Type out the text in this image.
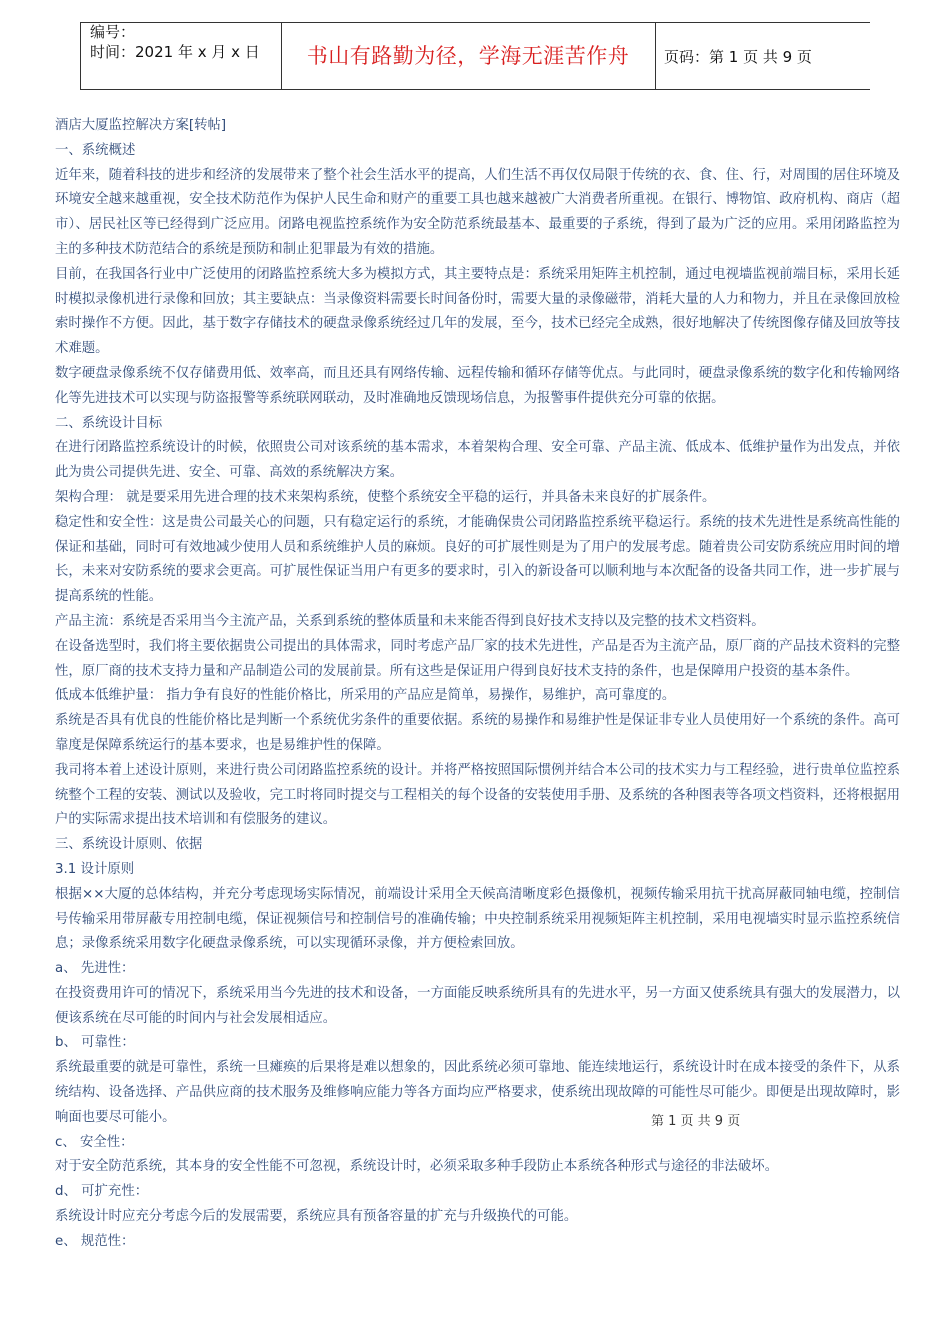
编号：
时间：2021 年 x 月 x 日	书山有路勤为径，学海无涯苦作舟	页码：第 1 页 共 9 页

酒店大厦监控解决方案[转帖]

一、系统概述

近年来，随着科技的进步和经济的发展带来了整个社会生活水平的提高，人们生活不再仅仅局限于传统的衣、食、住、行，对周围的居住环境及环境安全越来越重视，安全技术防范作为保护人民生命和财产的重要工具也越来越被广大消费者所重视。在银行、博物馆、政府机构、商店（超市）、居民社区等已经得到广泛应用。闭路电视监控系统作为安全防范系统最基本、最重要的子系统，得到了最为广泛的应用。采用闭路监控为主的多种技术防范结合的系统是预防和制止犯罪最为有效的措施。

目前，在我国各行业中广泛使用的闭路监控系统大多为模拟方式，其主要特点是：系统采用矩阵主机控制，通过电视墙监视前端目标，采用长延时模拟录像机进行录像和回放；其主要缺点：当录像资料需要长时间备份时，需要大量的录像磁带，消耗大量的人力和物力，并且在录像回放检索时操作不方便。因此，基于数字存储技术的硬盘录像系统经过几年的发展，至今，技术已经完全成熟，很好地解决了传统图像存储及回放等技术难题。

数字硬盘录像系统不仅存储费用低、效率高，而且还具有网络传输、远程传输和循环存储等优点。与此同时，硬盘录像系统的数字化和传输网络化等先进技术可以实现与防盗报警等系统联网联动，及时准确地反馈现场信息，为报警事件提供充分可靠的依据。

二、系统设计目标

在进行闭路监控系统设计的时候，依照贵公司对该系统的基本需求，本着架构合理、安全可靠、产品主流、低成本、低维护量作为出发点，并依此为贵公司提供先进、安全、可靠、高效的系统解决方案。

架构合理： 就是要采用先进合理的技术来架构系统，使整个系统安全平稳的运行，并具备未来良好的扩展条件。

稳定性和安全性：这是贵公司最关心的问题，只有稳定运行的系统，才能确保贵公司闭路监控系统平稳运行。系统的技术先进性是系统高性能的保证和基础，同时可有效地减少使用人员和系统维护人员的麻烦。良好的可扩展性则是为了用户的发展考虑。随着贵公司安防系统应用时间的增长，未来对安防系统的要求会更高。可扩展性保证当用户有更多的要求时，引入的新设备可以顺利地与本次配备的设备共同工作，进一步扩展与提高系统的性能。

产品主流：系统是否采用当今主流产品，关系到系统的整体质量和未来能否得到良好技术支持以及完整的技术文档资料。

在设备选型时，我们将主要依据贵公司提出的具体需求，同时考虑产品厂家的技术先进性，产品是否为主流产品，原厂商的产品技术资料的完整性，原厂商的技术支持力量和产品制造公司的发展前景。所有这些是保证用户得到良好技术支持的条件，也是保障用户投资的基本条件。

低成本低维护量： 指力争有良好的性能价格比，所采用的产品应是简单，易操作，易维护，高可靠度的。

系统是否具有优良的性能价格比是判断一个系统优劣条件的重要依据。系统的易操作和易维护性是保证非专业人员使用好一个系统的条件。高可靠度是保障系统运行的基本要求，也是易维护性的保障。

我司将本着上述设计原则，来进行贵公司闭路监控系统的设计。并将严格按照国际惯例并结合本公司的技术实力与工程经验，进行贵单位监控系统整个工程的安装、测试以及验收，完工时将同时提交与工程相关的每个设备的安装使用手册、及系统的各种图表等各项文档资料，还将根据用户的实际需求提出技术培训和有偿服务的建议。

三、系统设计原则、依据

3.1 设计原则

根据××大厦的总体结构，并充分考虑现场实际情况，前端设计采用全天候高清晰度彩色摄像机，视频传输采用抗干扰高屏蔽同轴电缆，控制信号传输采用带屏蔽专用控制电缆，保证视频信号和控制信号的准确传输；中央控制系统采用视频矩阵主机控制，采用电视墙实时显示监控系统信息；录像系统采用数字化硬盘录像系统，可以实现循环录像，并方便检索回放。

a、 先进性：

在投资费用许可的情况下，系统采用当今先进的技术和设备，一方面能反映系统所具有的先进水平，另一方面又使系统具有强大的发展潜力，以便该系统在尽可能的时间内与社会发展相适应。

b、 可靠性：

系统最重要的就是可靠性，系统一旦瘫痪的后果将是难以想象的，因此系统必须可靠地、能连续地运行，系统设计时在成本接受的条件下，从系统结构、设备选择、产品供应商的技术服务及维修响应能力等各方面均应严格要求，使系统出现故障的可能性尽可能少。即便是出现故障时，影响面也要尽可能小。

c、 安全性：

对于安全防范系统，其本身的安全性能不可忽视，系统设计时，必须采取多种手段防止本系统各种形式与途径的非法破坏。

d、 可扩充性：

系统设计时应充分考虑今后的发展需要，系统应具有预备容量的扩充与升级换代的可能。

e、 规范性：

第 1 页 共 9 页
